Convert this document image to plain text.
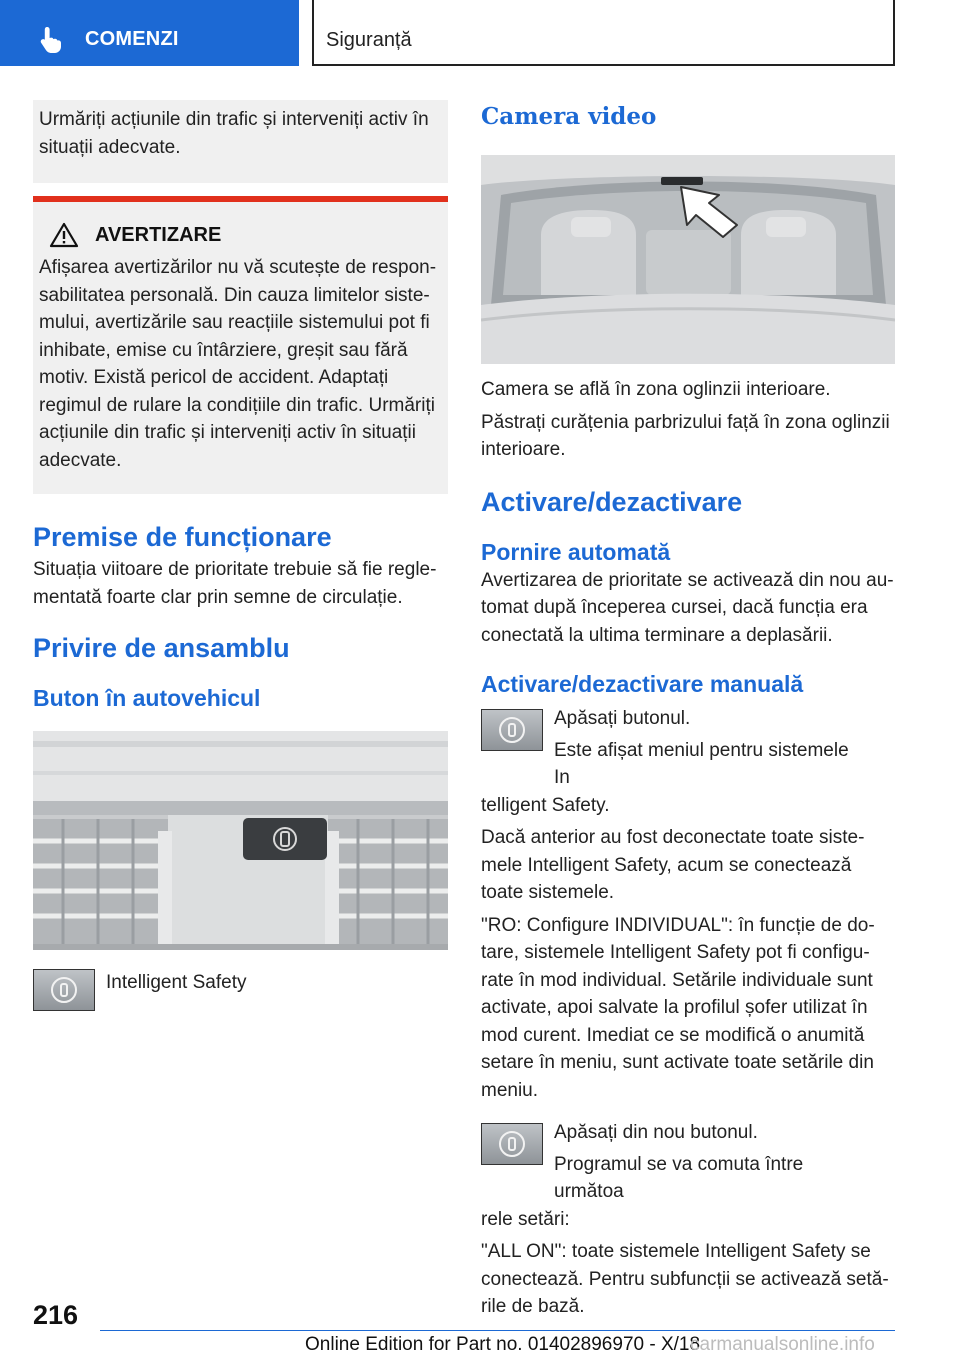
COMENZI	Siguranță

Urmăriți acțiunile din trafic și interveniți activ în situații adecvate.

AVERTIZARE

Afișarea avertizărilor nu vă scutește de responsabilitatea personală. Din cauza limitelor sistemului, avertizările sau reacțiile sistemului pot fi inhibate, emise cu întârziere, greșit sau fără motiv. Există pericol de accident. Adaptați regimul de rulare la condițiile din trafic. Urmăriți acțiunile din trafic și interveniți activ în situații adecvate.

Premise de funcționare

Situația viitoare de prioritate trebuie să fie reglementată foarte clar prin semne de circulație.

Privire de ansamblu
Buton în autovehicul

Intelligent Safety

Camera video

Camera se află în zona oglinzii interioare.

Păstrați curățenia parbrizului față în zona oglinzii interioare.

Activare/dezactivare
Pornire automată

Avertizarea de prioritate se activează din nou automat după începerea cursei, dacă funcția era conectată la ultima terminare a deplasării.

Activare/dezactivare manuală

Apăsați butonul.

Este afișat meniul pentru sistemele In

telligent Safety.

Dacă anterior au fost deconectate toate sistemele Intelligent Safety, acum se conectează toate sistemele.

"RO: Configure INDIVIDUAL": în funcție de dotare, sistemele Intelligent Safety pot fi configurate în mod individual. Setările individuale sunt activate, apoi salvate la profilul șofer utilizat în mod curent. Imediat ce se modifică o anumită setare în meniu, sunt activate toate setările din meniu.

Apăsați din nou butonul.

Programul se va comuta între următoa

rele setări:

"ALL ON": toate sistemele Intelligent Safety se conectează. Pentru subfuncții se activează setările de bază.

216
Online Edition for Part no. 01402896970 - X/18
carmanualsonline.info
